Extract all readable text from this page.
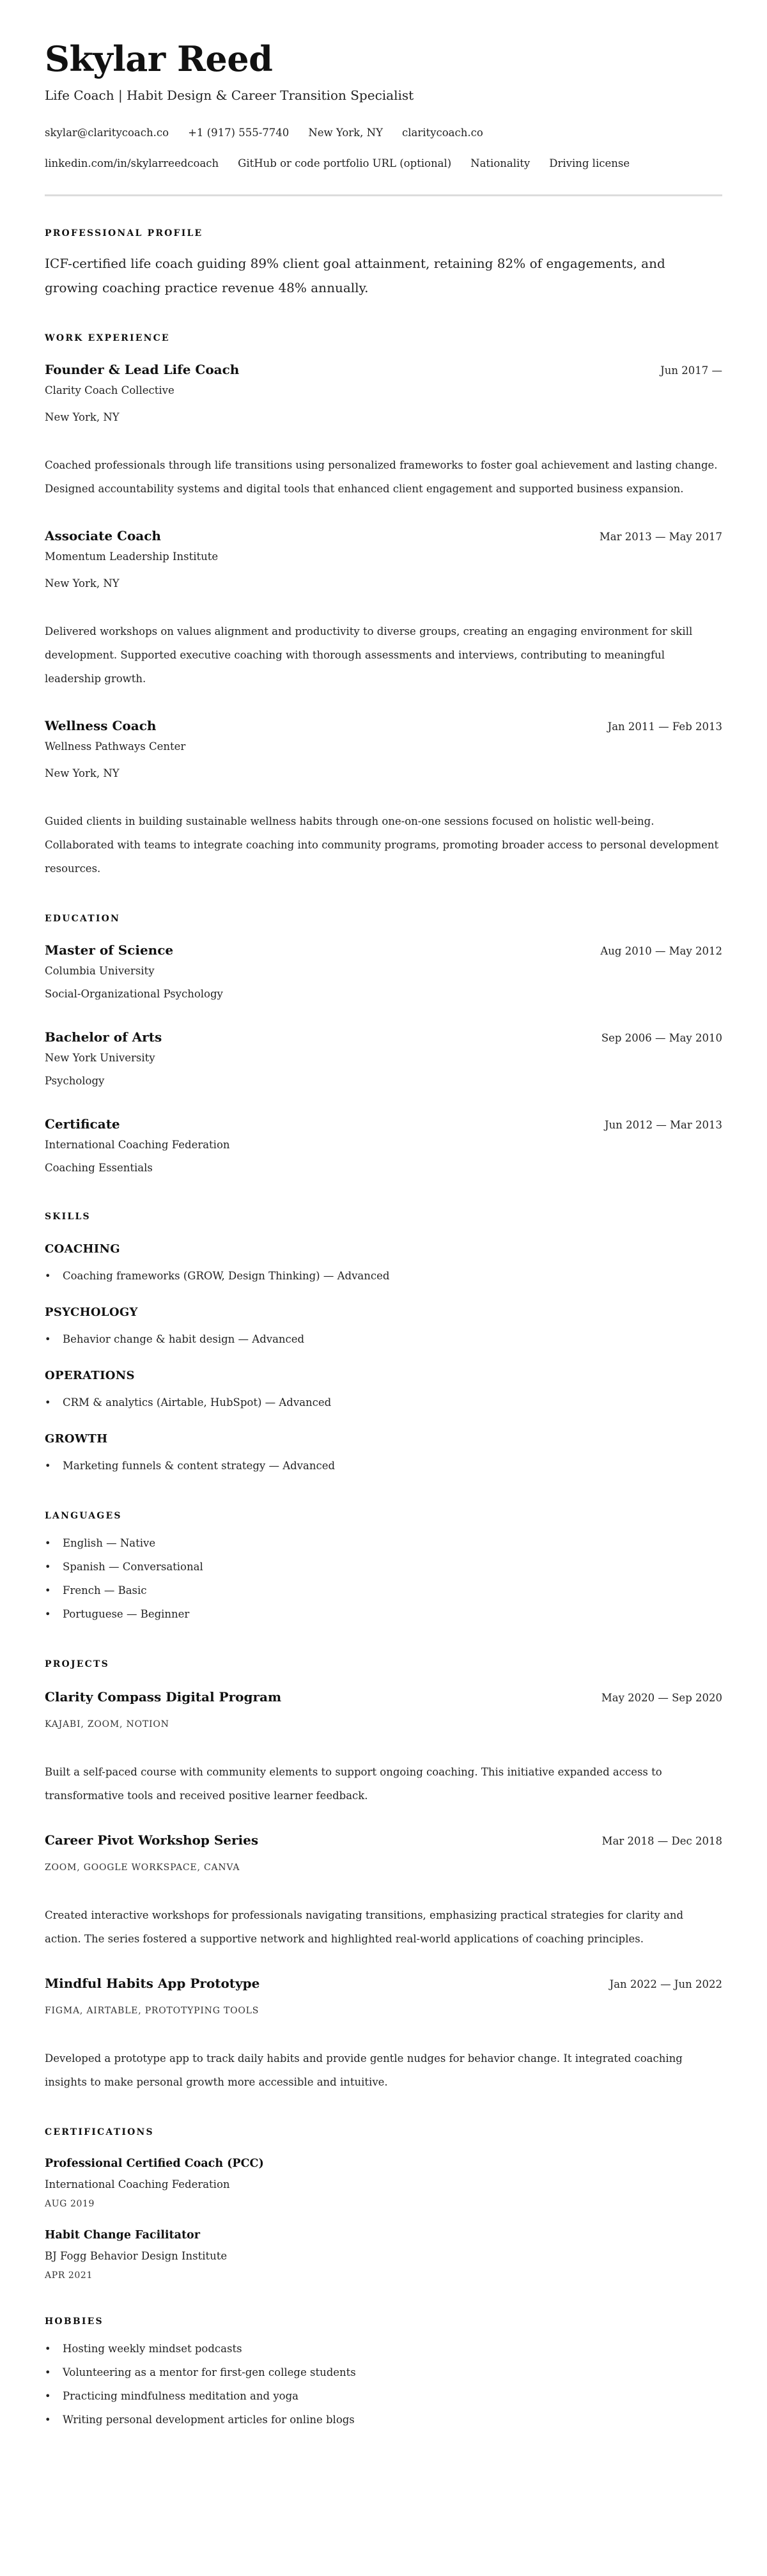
Skylar Reed
Life Coach | Habit Design & Career Transition Specialist
skylar@claritycoach.co +1 (917) 555-7740 New York, NY claritycoach.co
linkedin.com/in/skylarreedcoach GitHub or code portfolio URL (optional) Nationality Driving license
PROFESSIONAL PROFILE

ICF-certified life coach guiding 89% client goal attainment, retaining 82% of engagements, and growing coaching practice revenue 48% annually.

WORK EXPERIENCE
Founder & Lead Life Coach	Jun 2017 —
Clarity Coach Collective
New York, NY

Coached professionals through life transitions using personalized frameworks to foster goal achievement and lasting change. Designed accountability systems and digital tools that enhanced client engagement and supported business expansion.

Associate Coach	Mar 2013 — May 2017
Momentum Leadership Institute
New York, NY

Delivered workshops on values alignment and productivity to diverse groups, creating an engaging environment for skill development. Supported executive coaching with thorough assessments and interviews, contributing to meaningful leadership growth.

Wellness Coach	Jan 2011 — Feb 2013
Wellness Pathways Center
New York, NY

Guided clients in building sustainable wellness habits through one-on-one sessions focused on holistic well-being. Collaborated with teams to integrate coaching into community programs, promoting broader access to personal development resources.

EDUCATION
Master of Science	Aug 2010 — May 2012
Columbia University
Social-Organizational Psychology
Bachelor of Arts	Sep 2006 — May 2010
New York University
Psychology
Certificate	Jun 2012 — Mar 2013
International Coaching Federation
Coaching Essentials
SKILLS
COACHING
• Coaching frameworks (GROW, Design Thinking) — Advanced
PSYCHOLOGY
• Behavior change & habit design — Advanced
OPERATIONS
• CRM & analytics (Airtable, HubSpot) — Advanced
GROWTH
• Marketing funnels & content strategy — Advanced
LANGUAGES
• English — Native
• Spanish — Conversational
• French — Basic
• Portuguese — Beginner
PROJECTS
Clarity Compass Digital Program	May 2020 — Sep 2020
KAJABI, ZOOM, NOTION

Built a self-paced course with community elements to support ongoing coaching. This initiative expanded access to transformative tools and received positive learner feedback.

Career Pivot Workshop Series	Mar 2018 — Dec 2018
ZOOM, GOOGLE WORKSPACE, CANVA

Created interactive workshops for professionals navigating transitions, emphasizing practical strategies for clarity and action. The series fostered a supportive network and highlighted real-world applications of coaching principles.

Mindful Habits App Prototype	Jan 2022 — Jun 2022
FIGMA, AIRTABLE, PROTOTYPING TOOLS

Developed a prototype app to track daily habits and provide gentle nudges for behavior change. It integrated coaching insights to make personal growth more accessible and intuitive.

CERTIFICATIONS
Professional Certified Coach (PCC)
International Coaching Federation
AUG 2019
Habit Change Facilitator
BJ Fogg Behavior Design Institute
APR 2021
HOBBIES
• Hosting weekly mindset podcasts
• Volunteering as a mentor for first-gen college students
• Practicing mindfulness meditation and yoga
• Writing personal development articles for online blogs
